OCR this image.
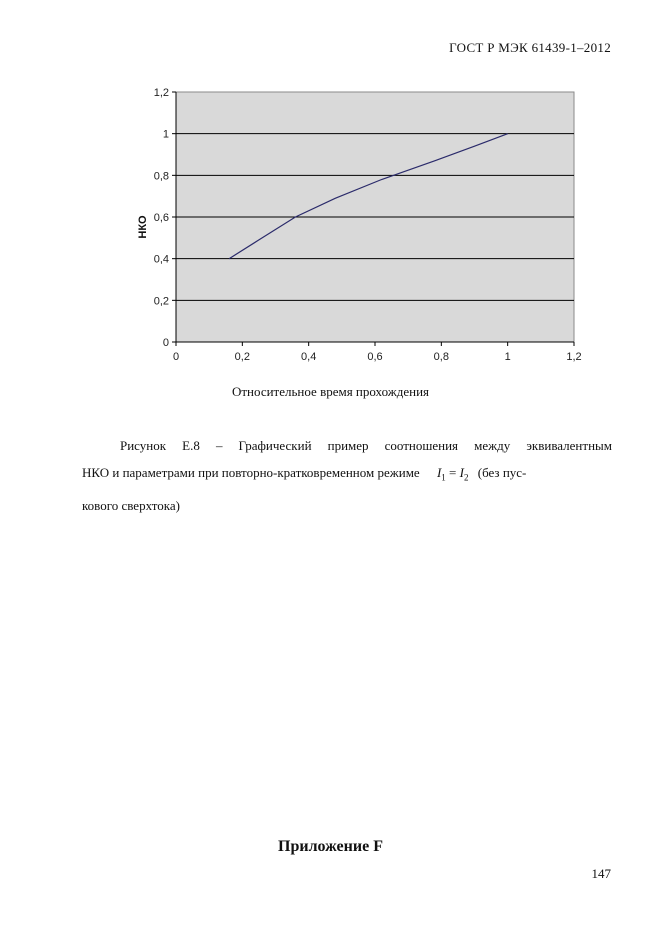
ГОСТ Р МЭК 61439-1–2012
0
0,2
0,4
0,6
0,8
1
1,2
0	0,2	0,4	0,6	0,8	1	1,2
НКО
Относительное время прохождения
Рисунок Е.8 – Графический пример соотношения между эквивалентным
НКО и параметрами при повторно-кратковременном режиме $I_1 = I_2$ (без пус-
кового сверхтока)
Приложение F
147
